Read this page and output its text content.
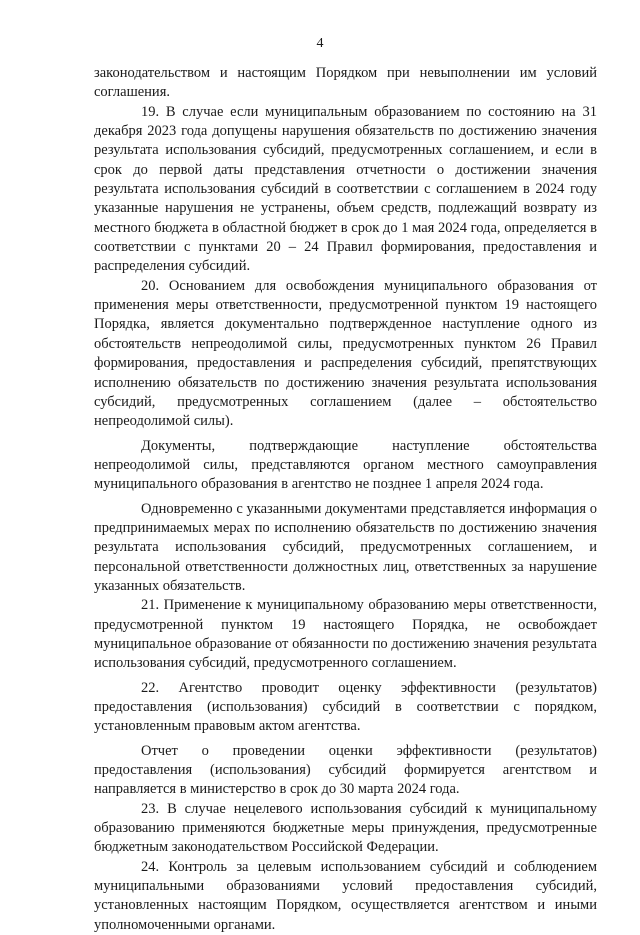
4

законодательством и настоящим Порядком при невыполнении им условий соглашения.

19. В случае если муниципальным образованием по состоянию на 31 декабря 2023 года допущены нарушения обязательств по достижению значения результата использования субсидий, предусмотренных соглашением, и если в срок до первой даты представления отчетности о достижении значения результата использования субсидий в соответствии с соглашением в 2024 году указанные нарушения не устранены, объем средств, подлежащий возврату из местного бюджета в областной бюджет в срок до 1 мая 2024 года, определяется в соответствии с пунктами 20 – 24 Правил формирования, предоставления и распределения субсидий.

20. Основанием для освобождения муниципального образования от применения меры ответственности, предусмотренной пунктом 19 настоящего Порядка, является документально подтвержденное наступление одного из обстоятельств непреодолимой силы, предусмотренных пунктом 26 Правил формирования, предоставления и распределения субсидий, препятствующих исполнению обязательств по достижению значения результата использования субсидий, предусмотренных соглашением (далее – обстоятельство непреодолимой силы).

Документы, подтверждающие наступление обстоятельства непреодолимой силы, представляются органом местного самоуправления муниципального образования в агентство не позднее 1 апреля 2024 года.

Одновременно с указанными документами представляется информация о предпринимаемых мерах по исполнению обязательств по достижению значения результата использования субсидий, предусмотренных соглашением, и персональной ответственности должностных лиц, ответственных за нарушение указанных обязательств.

21. Применение к муниципальному образованию меры ответственности, предусмотренной пунктом 19 настоящего Порядка, не освобождает муниципальное образование от обязанности по достижению значения результата использования субсидий, предусмотренного соглашением.

22. Агентство проводит оценку эффективности (результатов) предоставления (использования) субсидий в соответствии с порядком, установленным правовым актом агентства.

Отчет о проведении оценки эффективности (результатов) предоставления (использования) субсидий формируется агентством и направляется в министерство в срок до 30 марта 2024 года.

23. В случае нецелевого использования субсидий к муниципальному образованию применяются бюджетные меры принуждения, предусмотренные бюджетным законодательством Российской Федерации.

24. Контроль за целевым использованием субсидий и соблюдением муниципальными образованиями условий предоставления субсидий, установленных настоящим Порядком, осуществляется агентством и иными уполномоченными органами.
